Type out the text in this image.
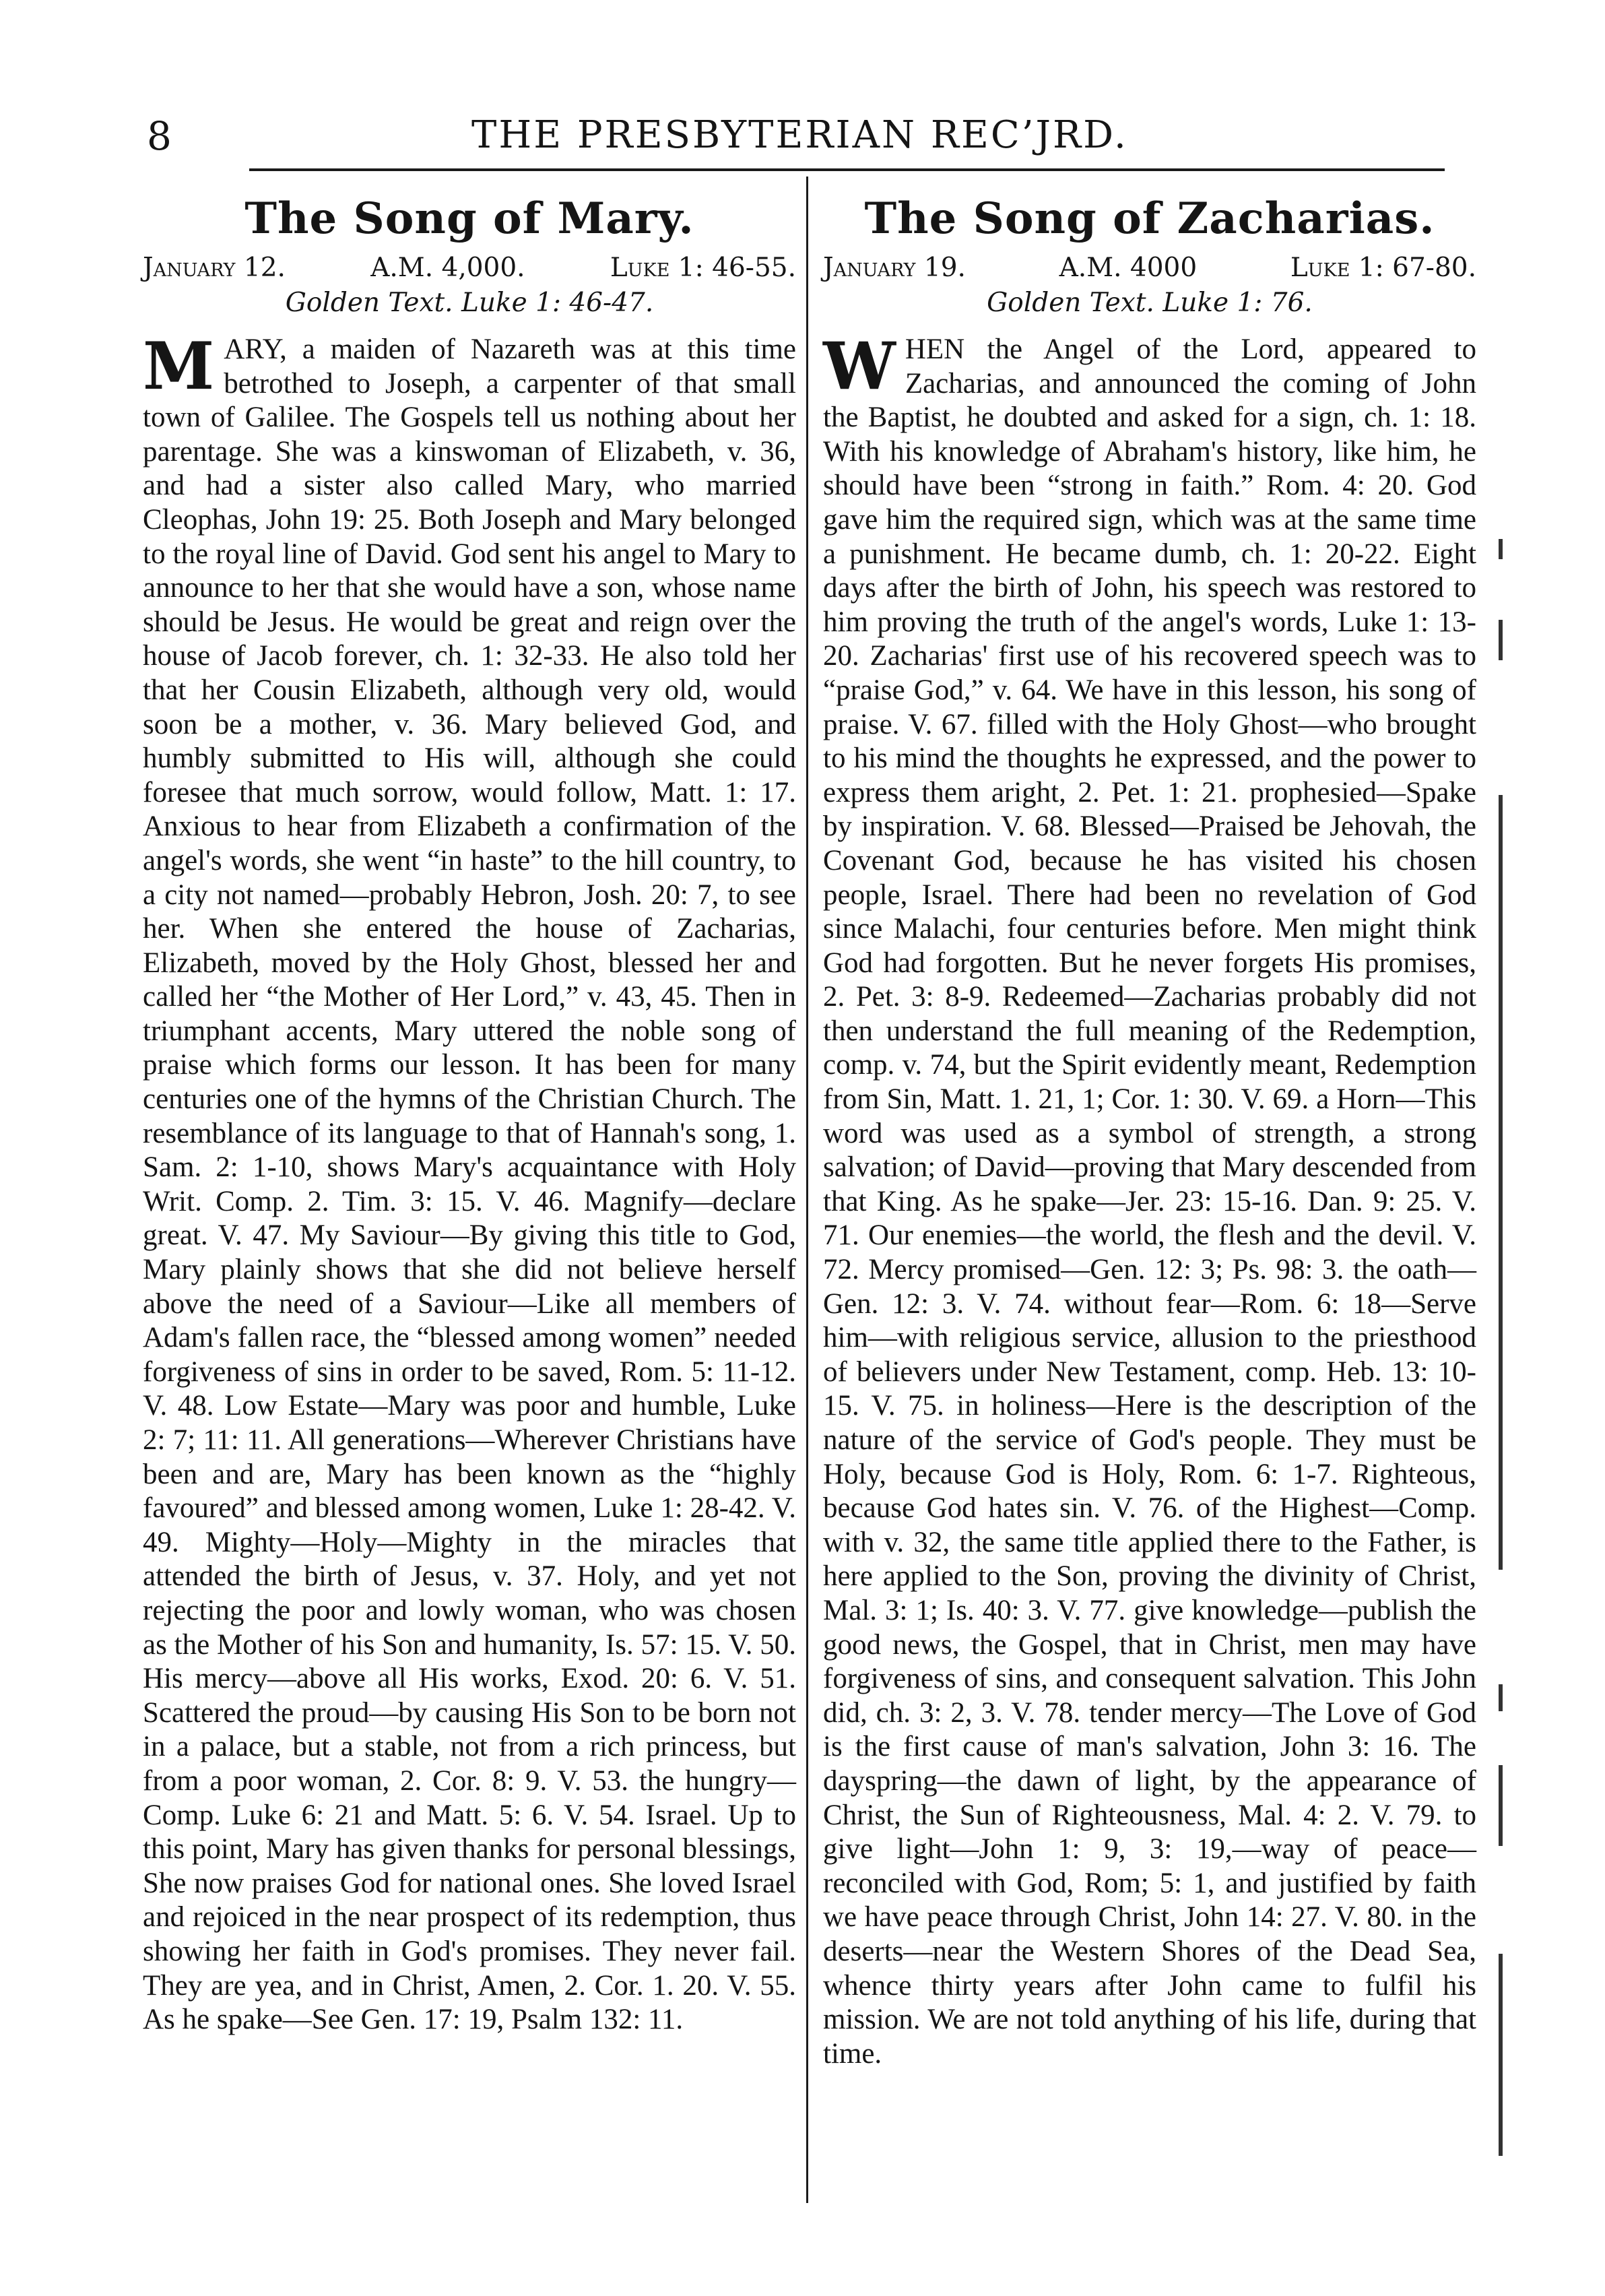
8	THE PRESBYTERIAN REC’JRD.
The Song of Mary.
January 12.	A.M. 4,000.	Luke 1: 46-55.
Golden Text. Luke 1: 46-47.

MARY, a maiden of Nazareth was at this time betrothed to Joseph, a carpenter of that small town of Galilee. The Gospels tell us nothing about her parentage. She was a kinswoman of Elizabeth, v. 36, and had a sister also called Mary, who married Cleophas, John 19: 25. Both Joseph and Mary belonged to the royal line of David. God sent his angel to Mary to announce to her that she would have a son, whose name should be Jesus. He would be great and reign over the house of Jacob forever, ch. 1: 32-33. He also told her that her Cousin Elizabeth, although very old, would soon be a mother, v. 36. Mary believed God, and humbly submitted to His will, although she could foresee that much sorrow, would follow, Matt. 1: 17. Anxious to hear from Elizabeth a confirmation of the angel's words, she went “in haste” to the hill country, to a city not named—probably Hebron, Josh. 20: 7, to see her. When she entered the house of Zacharias, Elizabeth, moved by the Holy Ghost, blessed her and called her “the Mother of Her Lord,” v. 43, 45. Then in triumphant accents, Mary uttered the noble song of praise which forms our lesson. It has been for many centuries one of the hymns of the Christian Church. The resemblance of its language to that of Hannah's song, 1. Sam. 2: 1-10, shows Mary's acquaintance with Holy Writ. Comp. 2. Tim. 3: 15. V. 46. Magnify—declare great. V. 47. My Saviour—By giving this title to God, Mary plainly shows that she did not believe herself above the need of a Saviour—Like all members of Adam's fallen race, the “blessed among women” needed forgiveness of sins in order to be saved, Rom. 5: 11-12. V. 48. Low Estate—Mary was poor and humble, Luke 2: 7; 11: 11. All generations—Wherever Christians have been and are, Mary has been known as the “highly favoured” and blessed among women, Luke 1: 28-42. V. 49. Mighty—Holy—Mighty in the miracles that attended the birth of Jesus, v. 37. Holy, and yet not rejecting the poor and lowly woman, who was chosen as the Mother of his Son and humanity, Is. 57: 15. V. 50. His mercy—above all His works, Exod. 20: 6. V. 51. Scattered the proud—by causing His Son to be born not in a palace, but a stable, not from a rich princess, but from a poor woman, 2. Cor. 8: 9. V. 53. the hungry—Comp. Luke 6: 21 and Matt. 5: 6. V. 54. Israel. Up to this point, Mary has given thanks for personal blessings, She now praises God for national ones. She loved Israel and rejoiced in the near prospect of its redemption, thus showing her faith in God's promises. They never fail. They are yea, and in Christ, Amen, 2. Cor. 1. 20. V. 55. As he spake—See Gen. 17: 19, Psalm 132: 11.

The Song of Zacharias.
January 19.	A.M. 4000	Luke 1: 67-80.
Golden Text. Luke 1: 76.

WHEN the Angel of the Lord, appeared to Zacharias, and announced the coming of John the Baptist, he doubted and asked for a sign, ch. 1: 18. With his knowledge of Abraham's history, like him, he should have been “strong in faith.” Rom. 4: 20. God gave him the required sign, which was at the same time a punishment. He became dumb, ch. 1: 20-22. Eight days after the birth of John, his speech was restored to him proving the truth of the angel's words, Luke 1: 13-20. Zacharias' first use of his recovered speech was to “praise God,” v. 64. We have in this lesson, his song of praise. V. 67. filled with the Holy Ghost—who brought to his mind the thoughts he expressed, and the power to express them aright, 2. Pet. 1: 21. prophesied—Spake by inspiration. V. 68. Blessed—Praised be Jehovah, the Covenant God, because he has visited his chosen people, Israel. There had been no revelation of God since Malachi, four centuries before. Men might think God had forgotten. But he never forgets His promises, 2. Pet. 3: 8-9. Redeemed—Zacharias probably did not then understand the full meaning of the Redemption, comp. v. 74, but the Spirit evidently meant, Redemption from Sin, Matt. 1. 21, 1; Cor. 1: 30. V. 69. a Horn—This word was used as a symbol of strength, a strong salvation; of David—proving that Mary descended from that King. As he spake—Jer. 23: 15-16. Dan. 9: 25. V. 71. Our enemies—the world, the flesh and the devil. V. 72. Mercy promised—Gen. 12: 3; Ps. 98: 3. the oath—Gen. 12: 3. V. 74. without fear—Rom. 6: 18—Serve him—with religious service, allusion to the priesthood of believers under New Testament, comp. Heb. 13: 10-15. V. 75. in holiness—Here is the description of the nature of the service of God's people. They must be Holy, because God is Holy, Rom. 6: 1-7. Righteous, because God hates sin. V. 76. of the Highest—Comp. with v. 32, the same title applied there to the Father, is here applied to the Son, proving the divinity of Christ, Mal. 3: 1; Is. 40: 3. V. 77. give knowledge—publish the good news, the Gospel, that in Christ, men may have forgiveness of sins, and consequent salvation. This John did, ch. 3: 2, 3. V. 78. tender mercy—The Love of God is the first cause of man's salvation, John 3: 16. The dayspring—the dawn of light, by the appearance of Christ, the Sun of Righteousness, Mal. 4: 2. V. 79. to give light—John 1: 9, 3: 19,—way of peace—reconciled with God, Rom; 5: 1, and justified by faith we have peace through Christ, John 14: 27. V. 80. in the deserts—near the Western Shores of the Dead Sea, whence thirty years after John came to fulfil his mission. We are not told anything of his life, during that time.
